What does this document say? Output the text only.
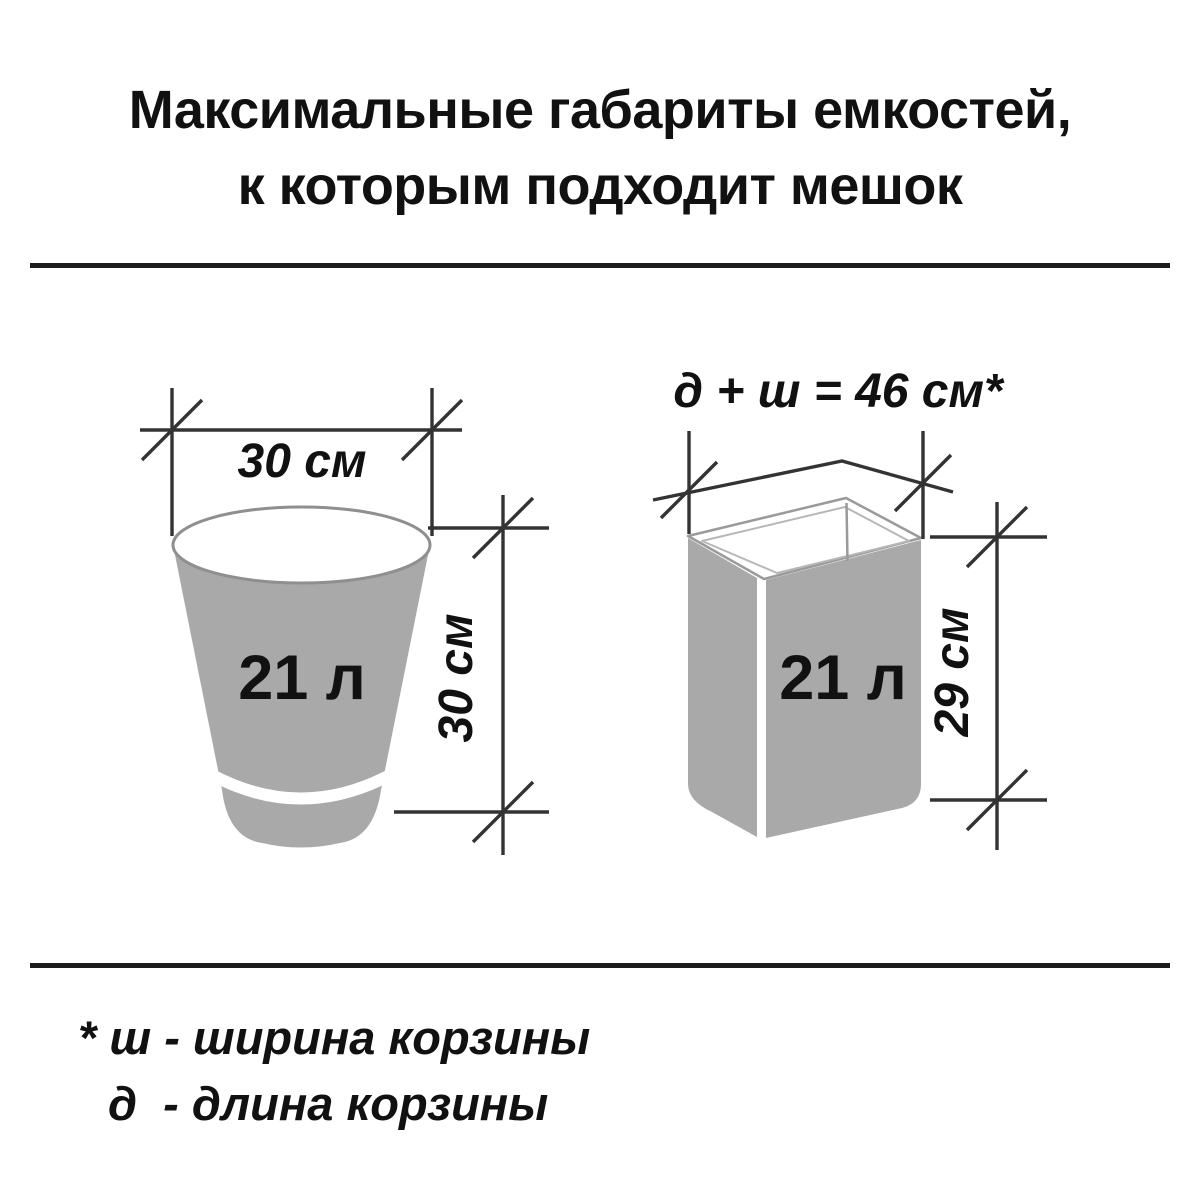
Максимальные габариты емкостей,
к которым подходит мешок
30 см
30 см
21 л
д + ш = 46 см*
29 см
21 л
* ш - ширина корзины
д  - длина корзины
